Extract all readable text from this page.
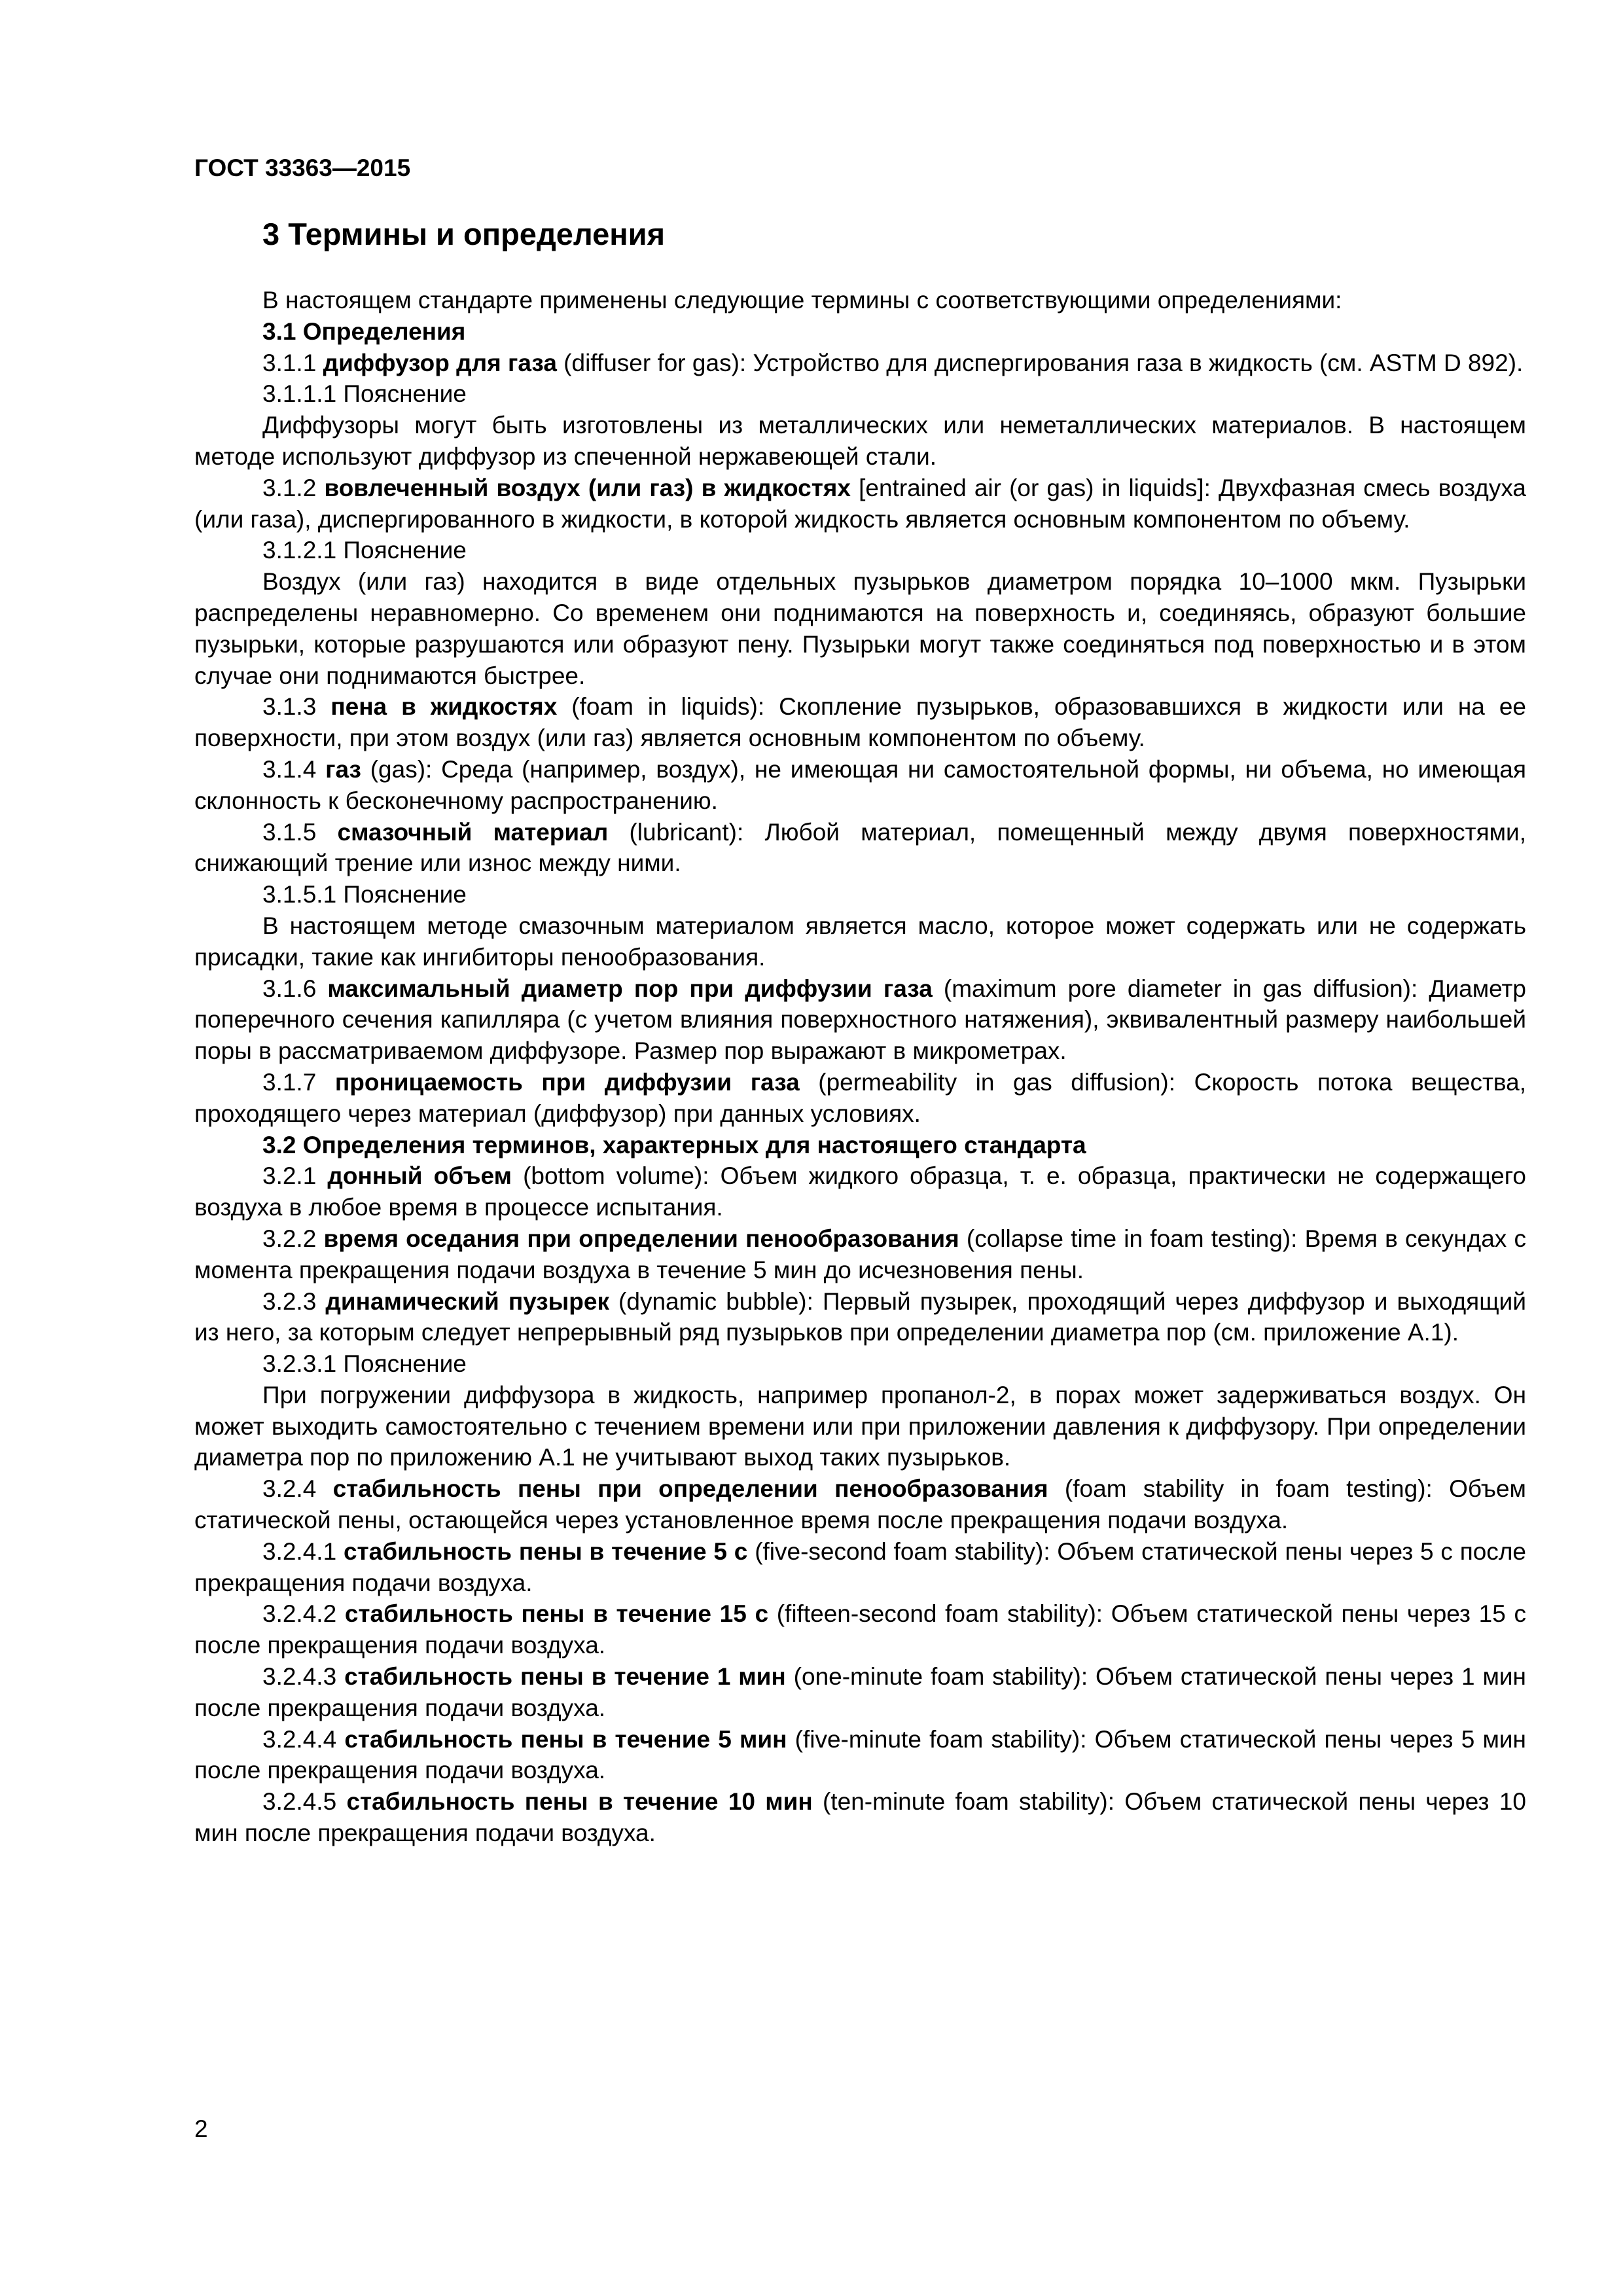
ГОСТ 33363—2015
3 Термины и определения

В настоящем стандарте применены следующие термины с соответствующими определениями:

3.1 Определения

3.1.1 диффузор для газа (diffuser for gas): Устройство для диспергирования газа в жидкость (см. ASTM D 892).

3.1.1.1 Пояснение

Диффузоры могут быть изготовлены из металлических или неметаллических материалов. В настоящем методе используют диффузор из спеченной нержавеющей стали.

3.1.2 вовлеченный воздух (или газ) в жидкостях [entrained air (or gas) in liquids]: Двухфазная смесь воздуха (или газа), диспергированного в жидкости, в которой жидкость является основным компонентом по объему.

3.1.2.1 Пояснение

Воздух (или газ) находится в виде отдельных пузырьков диаметром порядка 10–1000 мкм. Пузырьки распределены неравномерно. Со временем они поднимаются на поверхность и, соединяясь, образуют большие пузырьки, которые разрушаются или образуют пену. Пузырьки могут также соединяться под поверхностью и в этом случае они поднимаются быстрее.

3.1.3 пена в жидкостях (foam in liquids): Скопление пузырьков, образовавшихся в жидкости или на ее поверхности, при этом воздух (или газ) является основным компонентом по объему.

3.1.4 газ (gas): Среда (например, воздух), не имеющая ни самостоятельной формы, ни объема, но имеющая склонность к бесконечному распространению.

3.1.5 смазочный материал (lubricant): Любой материал, помещенный между двумя поверхностями, снижающий трение или износ между ними.

3.1.5.1 Пояснение

В настоящем методе смазочным материалом является масло, которое может содержать или не содержать присадки, такие как ингибиторы пенообразования.

3.1.6 максимальный диаметр пор при диффузии газа (maximum pore diameter in gas diffusion): Диаметр поперечного сечения капилляра (с учетом влияния поверхностного натяжения), эквивалентный размеру наибольшей поры в рассматриваемом диффузоре. Размер пор выражают в микрометрах.

3.1.7 проницаемость при диффузии газа (permeability in gas diffusion): Скорость потока вещества, проходящего через материал (диффузор) при данных условиях.

3.2 Определения терминов, характерных для настоящего стандарта

3.2.1 донный объем (bottom volume): Объем жидкого образца, т. е. образца, практически не содержащего воздуха в любое время в процессе испытания.

3.2.2 время оседания при определении пенообразования (collapse time in foam testing): Время в секундах с момента прекращения подачи воздуха в течение 5 мин до исчезновения пены.

3.2.3 динамический пузырек (dynamic bubble): Первый пузырек, проходящий через диффузор и выходящий из него, за которым следует непрерывный ряд пузырьков при определении диаметра пор (см. приложение А.1).

3.2.3.1 Пояснение

При погружении диффузора в жидкость, например пропанол-2, в порах может задерживаться воздух. Он может выходить самостоятельно с течением времени или при приложении давления к диффузору. При определении диаметра пор по приложению А.1 не учитывают выход таких пузырьков.

3.2.4 стабильность пены при определении пенообразования (foam stability in foam testing): Объем статической пены, остающейся через установленное время после прекращения подачи воздуха.

3.2.4.1 стабильность пены в течение 5 с (five-second foam stability): Объем статической пены через 5 с после прекращения подачи воздуха.

3.2.4.2 стабильность пены в течение 15 с (fifteen-second foam stability): Объем статической пены через 15 с после прекращения подачи воздуха.

3.2.4.3 стабильность пены в течение 1 мин (one-minute foam stability): Объем статической пены через 1 мин после прекращения подачи воздуха.

3.2.4.4 стабильность пены в течение 5 мин (five-minute foam stability): Объем статической пены через 5 мин после прекращения подачи воздуха.

3.2.4.5 стабильность пены в течение 10 мин (ten-minute foam stability): Объем статической пены через 10 мин после прекращения подачи воздуха.

2
